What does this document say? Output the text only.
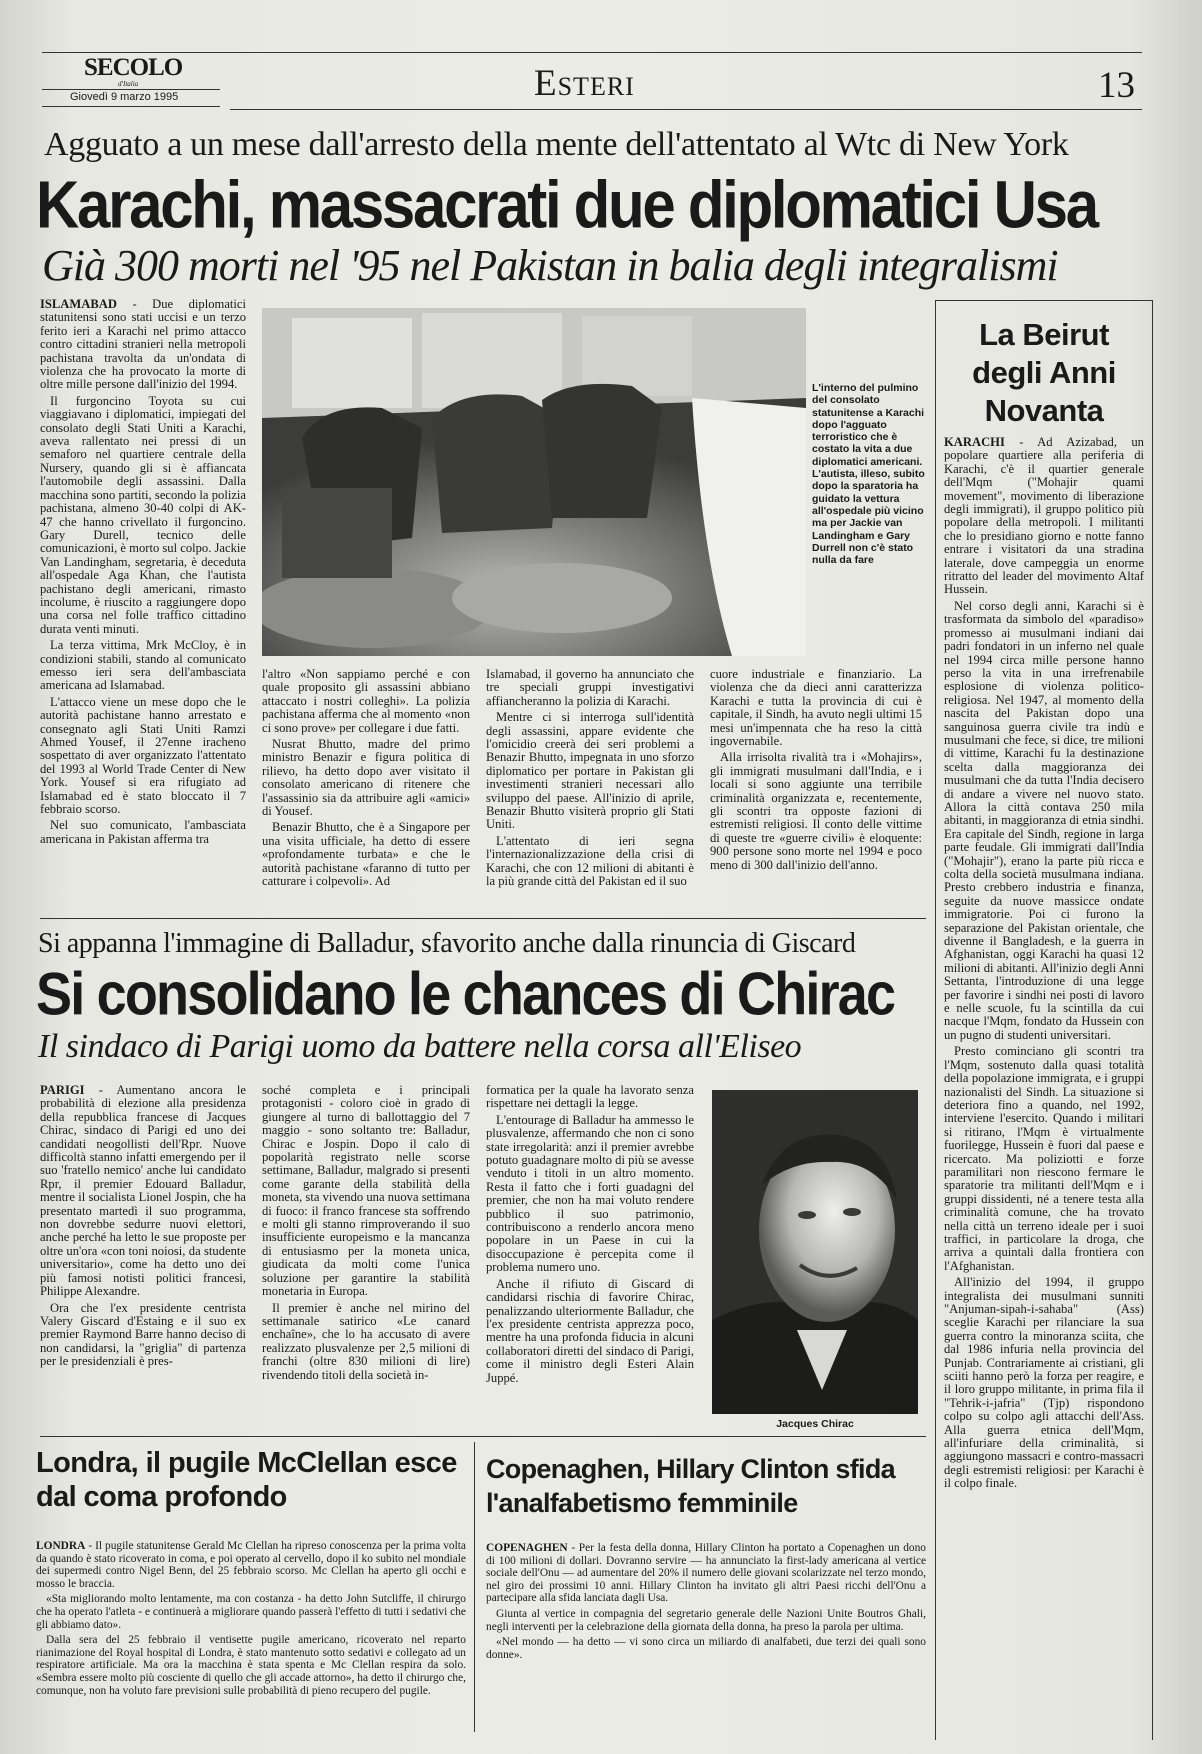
SECOLO
d'Italia
Giovedì 9 marzo 1995	Esteri	13
Agguato a un mese dall'arresto della mente dell'attentato al Wtc di New York
Karachi, massacrati due diplomatici Usa
Già 300 morti nel '95 nel Pakistan in balia degli integralismi

ISLAMABAD - Due diplomatici statunitensi sono stati uccisi e un terzo ferito ieri a Karachi nel primo attacco contro cittadini stranieri nella metropoli pachistana travolta da un'ondata di violenza che ha provocato la morte di oltre mille persone dall'inizio del 1994.

Il furgoncino Toyota su cui viaggiavano i diplomatici, impiegati del consolato degli Stati Uniti a Karachi, aveva rallentato nei pressi di un semaforo nel quartiere centrale della Nursery, quando gli si è affiancata l'automobile degli assassini. Dalla macchina sono partiti, secondo la polizia pachistana, almeno 30-40 colpi di AK-47 che hanno crivellato il furgoncino. Gary Durell, tecnico delle comunicazioni, è morto sul colpo. Jackie Van Landingham, segretaria, è deceduta all'ospedale Aga Khan, che l'autista pachistano degli americani, rimasto incolume, è riuscito a raggiungere dopo una corsa nel folle traffico cittadino durata venti minuti.

La terza vittima, Mrk McCloy, è in condizioni stabili, stando al comunicato emesso ieri sera dell'ambasciata americana ad Islamabad.

L'attacco viene un mese dopo che le autorità pachistane hanno arrestato e consegnato agli Stati Uniti Ramzi Ahmed Yousef, il 27enne iracheno sospettato di aver organizzato l'attentato del 1993 al World Trade Center di New York. Yousef si era rifugiato ad Islamabad ed è stato bloccato il 7 febbraio scorso.

Nel suo comunicato, l'ambasciata americana in Pakistan afferma tra

L'interno del pulmino del consolato statunitense a Karachi dopo l'agguato terroristico che è costato la vita a due diplomatici americani. L'autista, illeso, subito dopo la sparatoria ha guidato la vettura all'ospedale più vicino ma per Jackie van Landingham e Gary Durrell non c'è stato nulla da fare

l'altro «Non sappiamo perché e con quale proposito gli assassini abbiano attaccato i nostri colleghi». La polizia pachistana afferma che al momento «non ci sono prove» per collegare i due fatti.

Nusrat Bhutto, madre del primo ministro Benazir e figura politica di rilievo, ha detto dopo aver visitato il consolato americano di ritenere che l'assassinio sia da attribuire agli «amici» di Yousef.

Benazir Bhutto, che è a Singapore per una visita ufficiale, ha detto di essere «profondamente turbata» e che le autorità pachistane «faranno di tutto per catturare i colpevoli». Ad

Islamabad, il governo ha annunciato che tre speciali gruppi investigativi affiancheranno la polizia di Karachi.

Mentre ci si interroga sull'identità degli assassini, appare evidente che l'omicidio creerà dei seri problemi a Benazir Bhutto, impegnata in uno sforzo diplomatico per portare in Pakistan gli investimenti stranieri necessari allo sviluppo del paese. All'inizio di aprile, Benazir Bhutto visiterà proprio gli Stati Uniti.

L'attentato di ieri segna l'internazionalizzazione della crisi di Karachi, che con 12 milioni di abitanti è la più grande città del Pakistan ed il suo

cuore industriale e finanziario. La violenza che da dieci anni caratterizza Karachi e tutta la provincia di cui è capitale, il Sindh, ha avuto negli ultimi 15 mesi un'impennata che ha reso la città ingovernabile.

Alla irrisolta rivalità tra i «Mohajirs», gli immigrati musulmani dall'India, e i locali si sono aggiunte una terribile criminalità organizzata e, recentemente, gli scontri tra opposte fazioni di estremisti religiosi. Il conto delle vittime di queste tre «guerre civili» è eloquente: 900 persone sono morte nel 1994 e poco meno di 300 dall'inizio dell'anno.

La Beirut degli Anni Novanta

KARACHI - Ad Azizabad, un popolare quartiere alla periferia di Karachi, c'è il quartier generale dell'Mqm ("Mohajir quami movement", movimento di liberazione degli immigrati), il gruppo politico più popolare della metropoli. I militanti che lo presidiano giorno e notte fanno entrare i visitatori da una stradina laterale, dove campeggia un enorme ritratto del leader del movimento Altaf Hussein.

Nel corso degli anni, Karachi si è trasformata da simbolo del «paradiso» promesso ai musulmani indiani dai padri fondatori in un inferno nel quale nel 1994 circa mille persone hanno perso la vita in una irrefrenabile esplosione di violenza politico-religiosa. Nel 1947, al momento della nascita del Pakistan dopo una sanguinosa guerra civile tra indù e musulmani che fece, si dice, tre milioni di vittime, Karachi fu la destinazione scelta dalla maggioranza dei musulmani che da tutta l'India decisero di andare a vivere nel nuovo stato. Allora la città contava 250 mila abitanti, in maggioranza di etnia sindhi. Era capitale del Sindh, regione in larga parte feudale. Gli immigrati dall'India ("Mohajir"), erano la parte più ricca e colta della società musulmana indiana. Presto crebbero industria e finanza, seguite da nuove massicce ondate immigratorie. Poi ci furono la separazione del Pakistan orientale, che divenne il Bangladesh, e la guerra in Afghanistan, oggi Karachi ha quasi 12 milioni di abitanti. All'inizio degli Anni Settanta, l'introduzione di una legge per favorire i sindhi nei posti di lavoro e nelle scuole, fu la scintilla da cui nacque l'Mqm, fondato da Hussein con un pugno di studenti universitari.

Presto cominciano gli scontri tra l'Mqm, sostenuto dalla quasi totalità della popolazione immigrata, e i gruppi nazionalisti del Sindh. La situazione si deteriora fino a quando, nel 1992, interviene l'esercito. Quando i militari si ritirano, l'Mqm è virtualmente fuorilegge, Hussein è fuori dal paese e ricercato. Ma poliziotti e forze paramilitari non riescono fermare le sparatorie tra militanti dell'Mqm e i gruppi dissidenti, né a tenere testa alla criminalità comune, che ha trovato nella città un terreno ideale per i suoi traffici, in particolare la droga, che arriva a quintali dalla frontiera con l'Afghanistan.

All'inizio del 1994, il gruppo integralista dei musulmani sunniti "Anjuman-sipah-i-sahaba" (Ass) sceglie Karachi per rilanciare la sua guerra contro la minoranza sciita, che dal 1986 infuria nella provincia del Punjab. Contrariamente ai cristiani, gli sciiti hanno però la forza per reagire, e il loro gruppo militante, in prima fila il "Tehrik-i-jafria" (Tjp) rispondono colpo su colpo agli attacchi dell'Ass. Alla guerra etnica dell'Mqm, all'infuriare della criminalità, si aggiungono massacri e contro-massacri degli estremisti religiosi: per Karachi è il colpo finale.

Si appanna l'immagine di Balladur, sfavorito anche dalla rinuncia di Giscard
Si consolidano le chances di Chirac
Il sindaco di Parigi uomo da battere nella corsa all'Eliseo

PARIGI - Aumentano ancora le probabilità di elezione alla presidenza della repubblica francese di Jacques Chirac, sindaco di Parigi ed uno dei candidati neogollisti dell'Rpr. Nuove difficoltà stanno infatti emergendo per il suo 'fratello nemico' anche lui candidato Rpr, il premier Edouard Balladur, mentre il socialista Lionel Jospin, che ha presentato martedì il suo programma, non dovrebbe sedurre nuovi elettori, anche perché ha letto le sue proposte per oltre un'ora «con toni noiosi, da studente universitario», come ha detto uno dei più famosi notisti politici francesi, Philippe Alexandre.

Ora che l'ex presidente centrista Valery Giscard d'Estaing e il suo ex premier Raymond Barre hanno deciso di non candidarsi, la "griglia" di partenza per le presidenziali è pres-

soché completa e i principali protagonisti - coloro cioè in grado di giungere al turno di ballottaggio del 7 maggio - sono soltanto tre: Balladur, Chirac e Jospin. Dopo il calo di popolarità registrato nelle scorse settimane, Balladur, malgrado si presenti come garante della stabilità della moneta, sta vivendo una nuova settimana di fuoco: il franco francese sta soffrendo e molti gli stanno rimproverando il suo insufficiente europeismo e la mancanza di entusiasmo per la moneta unica, giudicata da molti come l'unica soluzione per garantire la stabilità monetaria in Europa.

Il premier è anche nel mirino del settimanale satirico «Le canard enchaîne», che lo ha accusato di avere realizzato plusvalenze per 2,5 milioni di franchi (oltre 830 milioni di lire) rivendendo titoli della società in-

formatica per la quale ha lavorato senza rispettare nei dettagli la legge.

L'entourage di Balladur ha ammesso le plusvalenze, affermando che non ci sono state irregolarità: anzi il premier avrebbe potuto guadagnare molto di più se avesse venduto i titoli in un altro momento. Resta il fatto che i forti guadagni del premier, che non ha mai voluto rendere pubblico il suo patrimonio, contribuiscono a renderlo ancora meno popolare in un Paese in cui la disoccupazione è percepita come il problema numero uno.

Anche il rifiuto di Giscard di candidarsi rischia di favorire Chirac, penalizzando ulteriormente Balladur, che l'ex presidente centrista apprezza poco, mentre ha una profonda fiducia in alcuni collaboratori diretti del sindaco di Parigi, come il ministro degli Esteri Alain Juppé.

Jacques Chirac
Londra, il pugile McClellan esce dal coma profondo

LONDRA - Il pugile statunitense Gerald Mc Clellan ha ripreso conoscenza per la prima volta da quando è stato ricoverato in coma, e poi operato al cervello, dopo il ko subito nel mondiale dei supermedi contro Nigel Benn, del 25 febbraio scorso. Mc Clellan ha aperto gli occhi e mosso le braccia.

«Sta migliorando molto lentamente, ma con costanza - ha detto John Sutcliffe, il chirurgo che ha operato l'atleta - e continuerà a migliorare quando passerà l'effetto di tutti i sedativi che gli abbiamo dato».

Dalla sera del 25 febbraio il ventisette pugile americano, ricoverato nel reparto rianimazione del Royal hospital di Londra, è stato mantenuto sotto sedativi e collegato ad un respiratore artificiale. Ma ora la macchina è stata spenta e Mc Clellan respira da solo. «Sembra essere molto più cosciente di quello che gli accade attorno», ha detto il chirurgo che, comunque, non ha voluto fare previsioni sulle probabilità di pieno recupero del pugile.

Copenaghen, Hillary Clinton sfida l'analfabetismo femminile

COPENAGHEN - Per la festa della donna, Hillary Clinton ha portato a Copenaghen un dono di 100 milioni di dollari. Dovranno servire — ha annunciato la first-lady americana al vertice sociale dell'Onu — ad aumentare del 20% il numero delle giovani scolarizzate nel terzo mondo, nel giro dei prossimi 10 anni. Hillary Clinton ha invitato gli altri Paesi ricchi dell'Onu a partecipare alla sfida lanciata dagli Usa.

Giunta al vertice in compagnia del segretario generale delle Nazioni Unite Boutros Ghali, negli interventi per la celebrazione della giornata della donna, ha preso la parola per ultima.

«Nel mondo — ha detto — vi sono circa un miliardo di analfabeti, due terzi dei quali sono donne».
